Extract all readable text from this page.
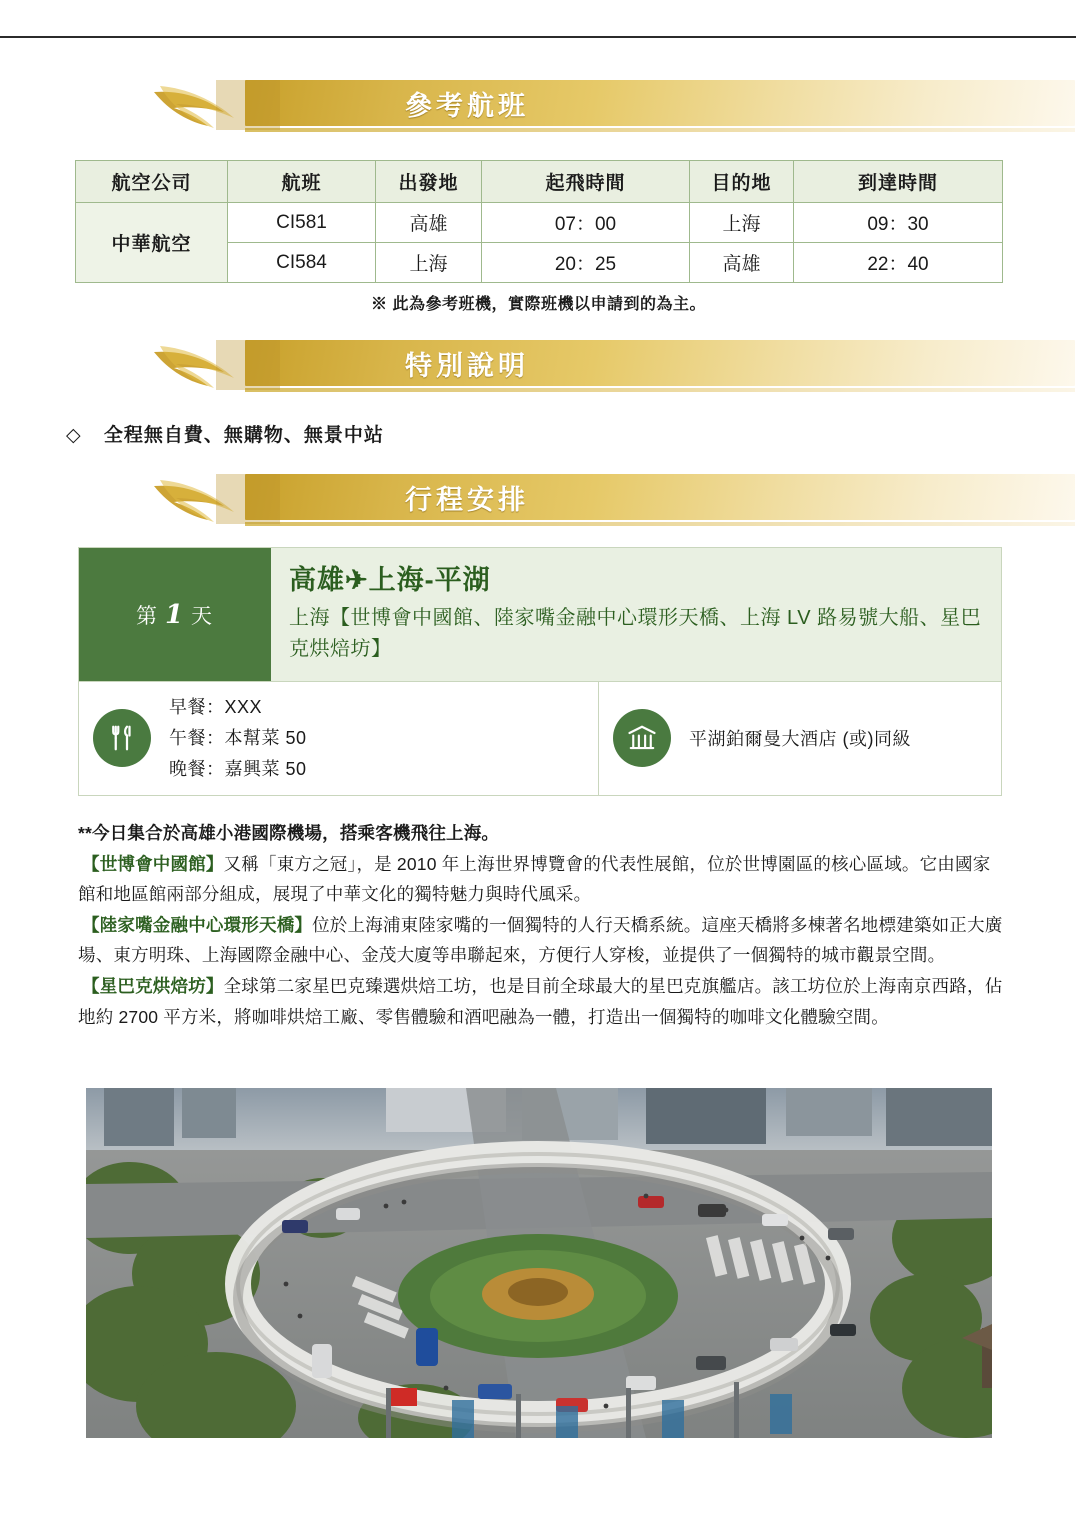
參考航班
航空公司	航班	出發地	起飛時間	目的地	到達時間
中華航空	CI581	高雄	07：00	上海	09：30
	CI584	上海	20：25	高雄	22：40
※ 此為參考班機，實際班機以申請到的為主。
特別說明
◇ 全程無自費、無購物、無景中站
行程安排
第 1 天
高雄✈上海-平湖
上海【世博會中國館、陸家嘴金融中心環形天橋、上海 LV 路易號大船、星巴克烘焙坊】
早餐：XXX
午餐：本幫菜 50
晚餐：嘉興菜 50
平湖鉑爾曼大酒店 (或)同級

**今日集合於高雄小港國際機場，搭乘客機飛往上海。

【世博會中國館】又稱「東方之冠」，是 2010 年上海世界博覽會的代表性展館，位於世博園區的核心區域。它由國家館和地區館兩部分組成，展現了中華文化的獨特魅力與時代風采。

【陸家嘴金融中心環形天橋】位於上海浦東陸家嘴的一個獨特的人行天橋系統。這座天橋將多棟著名地標建築如正大廣場、東方明珠、上海國際金融中心、金茂大廈等串聯起來，方便行人穿梭，並提供了一個獨特的城市觀景空間。

【星巴克烘焙坊】全球第二家星巴克臻選烘焙工坊，也是目前全球最大的星巴克旗艦店。該工坊位於上海南京西路，佔地約 2700 平方米，將咖啡烘焙工廠、零售體驗和酒吧融為一體，打造出一個獨特的咖啡文化體驗空間。
